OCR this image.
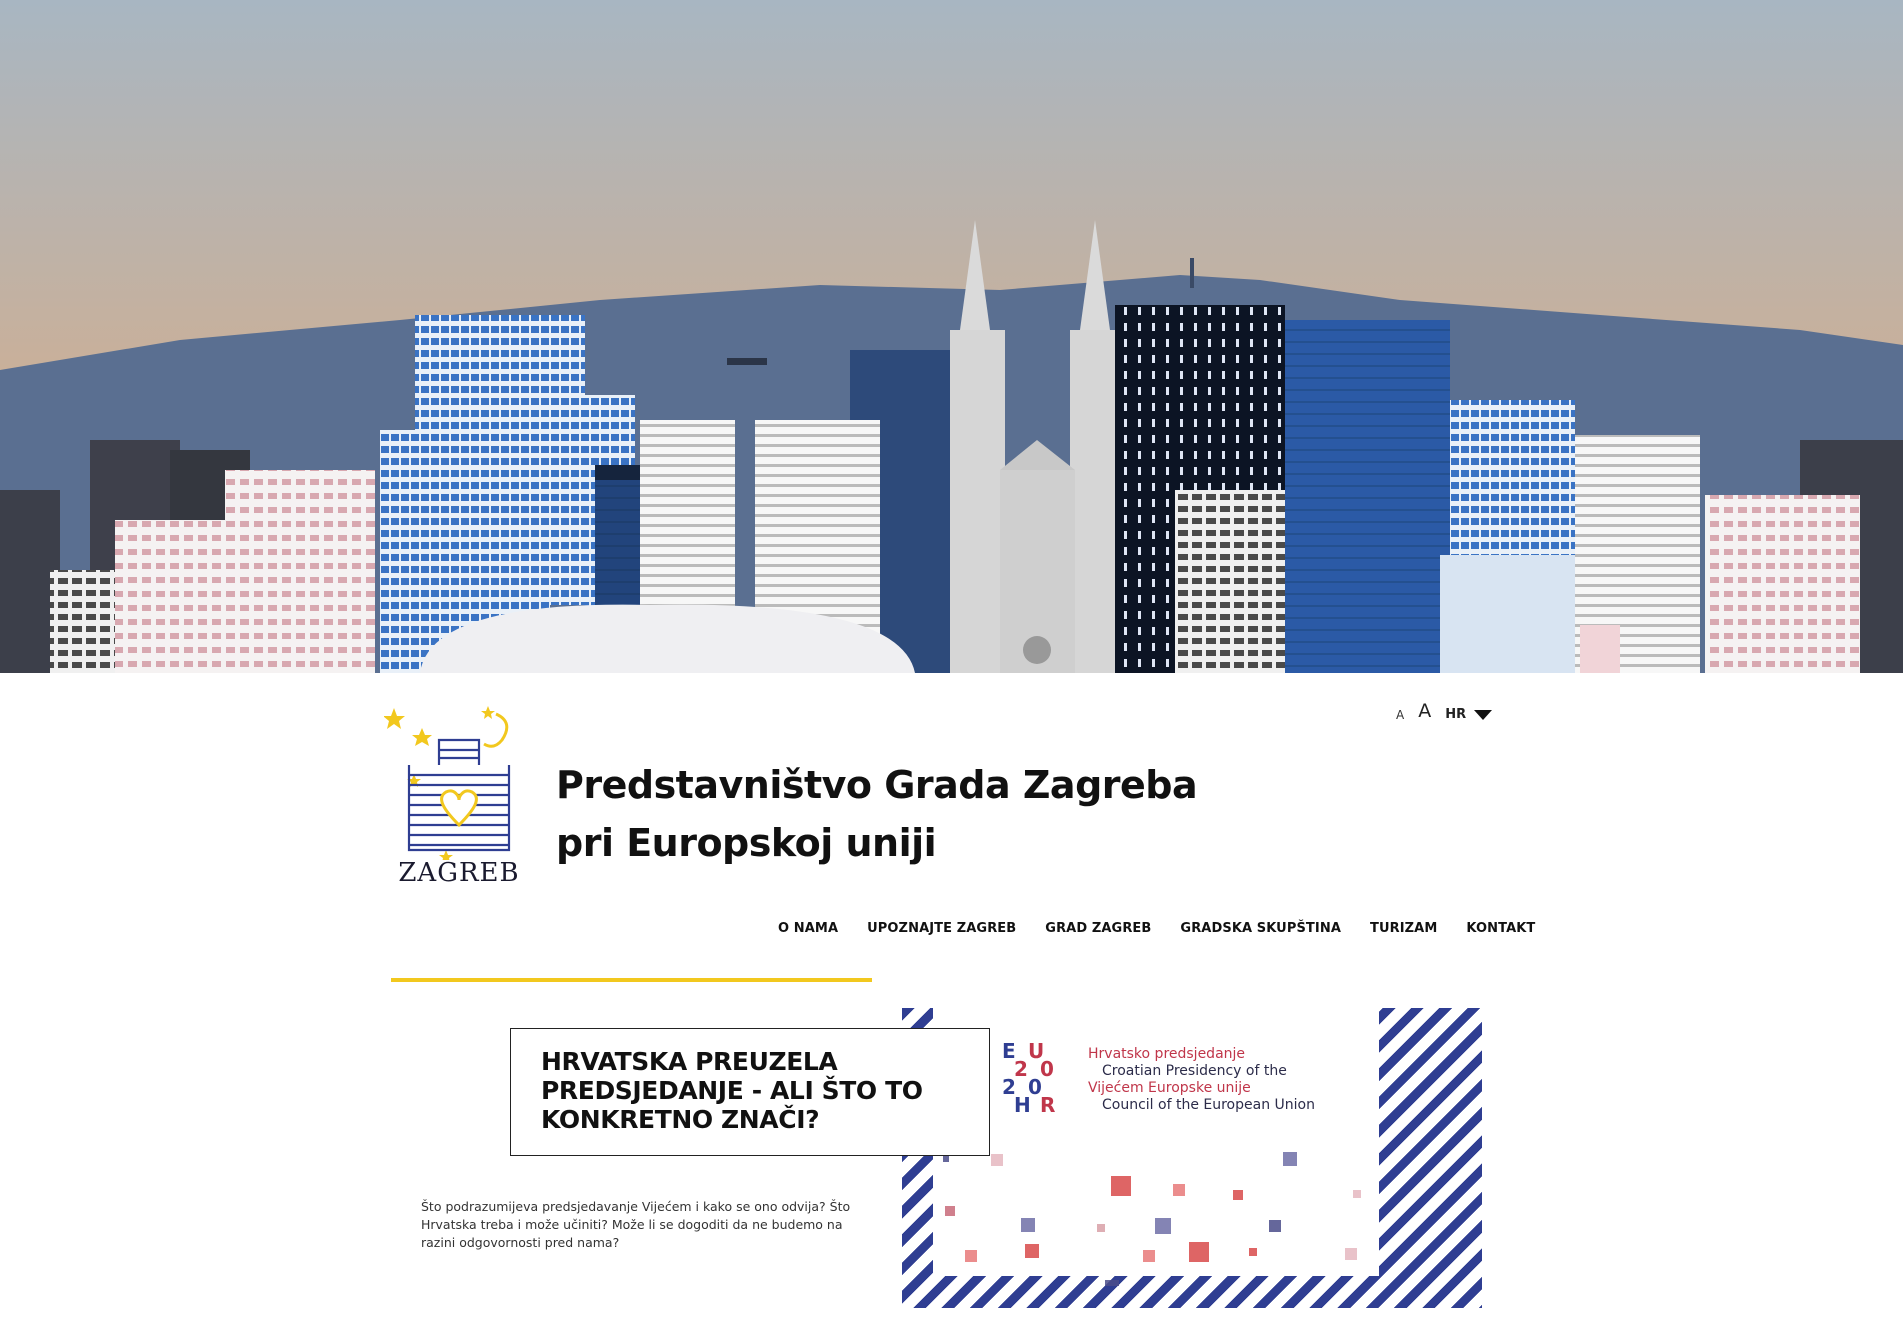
ZAGREB
Predstavništvo Grada Zagreba
pri Europskoj uniji
A A HR
O NAMA UPOZNAJTE ZAGREB GRAD ZAGREB GRADSKA SKUPŠTINA TURIZAM KONTAKT
E U
2 0
2 0
H R
Hrvatsko predsjedanje
Croatian Presidency of the
Vijećem Europske unije
Council of the European Union
HRVATSKA PREUZELA PREDSJEDANJE - ALI ŠTO TO KONKRETNO ZNAČI?

Što podrazumijeva predsjedavanje Vijećem i kako se ono odvija? Što Hrvatska treba i može učiniti? Može li se dogoditi da ne budemo na razini odgovornosti pred nama?
